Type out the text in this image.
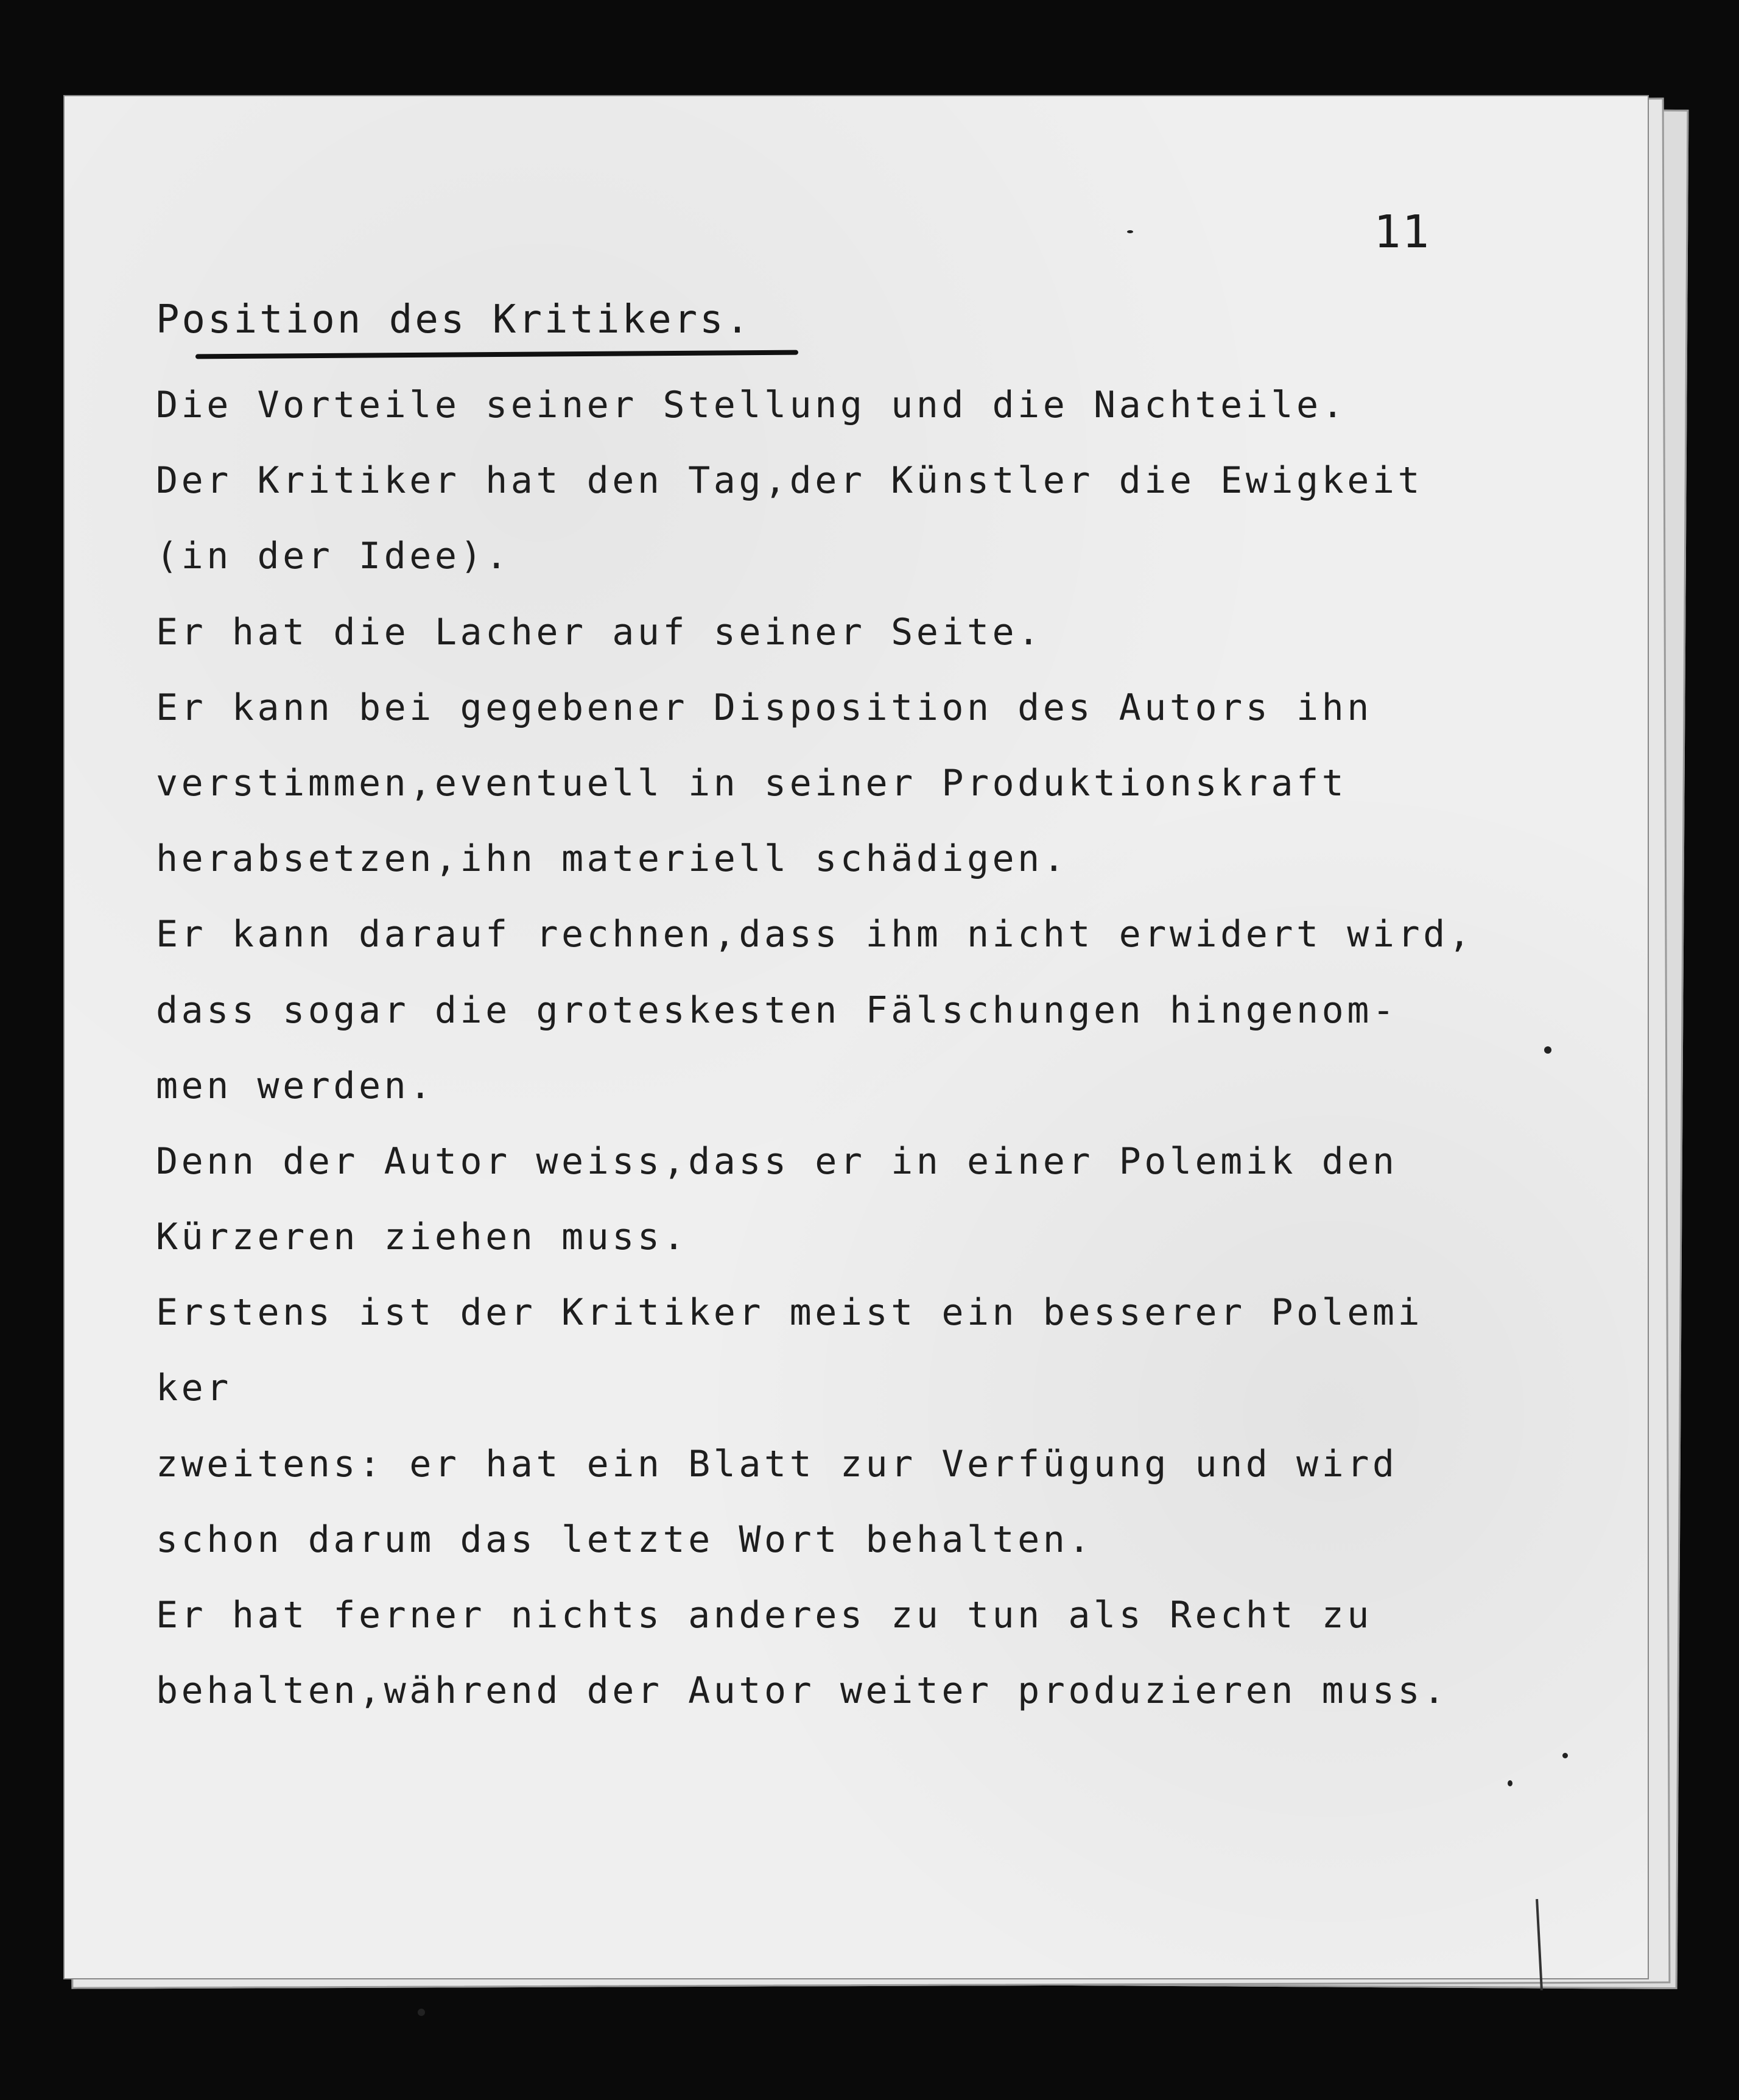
11
Position des Kritikers.
Die Vorteile seiner Stellung und die Nachteile.
Der Kritiker hat den Tag,der Künstler die Ewigkeit
(in der Idee).
Er hat die Lacher auf seiner Seite.
Er kann bei gegebener Disposition des Autors ihn
verstimmen,eventuell in seiner Produktionskraft
herabsetzen,ihn materiell schädigen.
Er kann darauf rechnen,dass ihm nicht erwidert wird,
dass sogar die groteskesten Fälschungen hingenom-
men werden.
Denn der Autor weiss,dass er in einer Polemik den
Kürzeren ziehen muss.
Erstens ist der Kritiker meist ein besserer Polemi
ker
zweitens: er hat ein Blatt zur Verfügung und wird
schon darum das letzte Wort behalten.
Er hat ferner nichts anderes zu tun als Recht zu
behalten,während der Autor weiter produzieren muss.
